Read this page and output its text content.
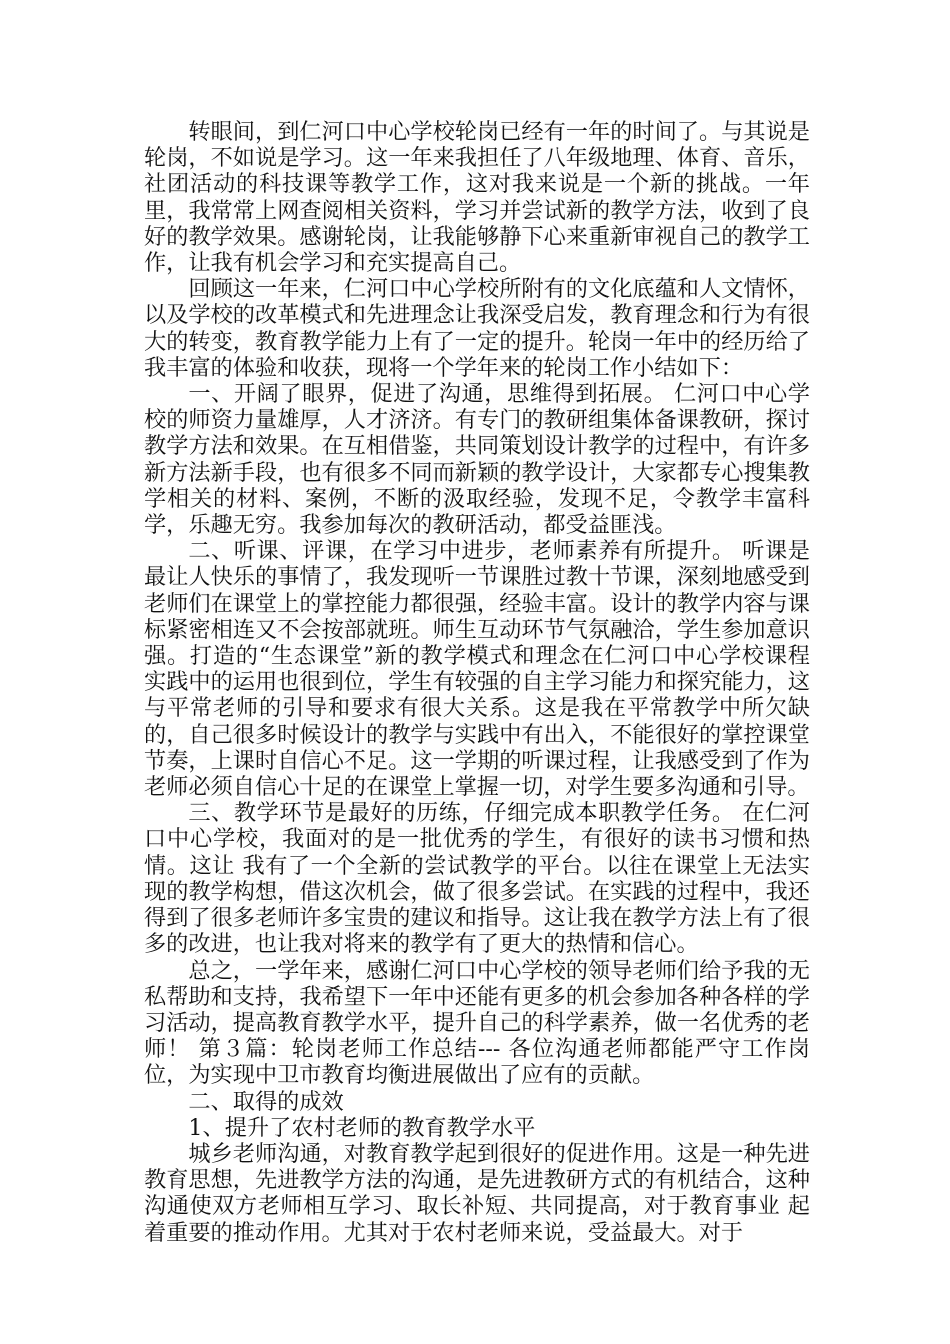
转眼间，到仁河口中心学校轮岗已经有一年的时间了。与其说是轮岗，不如说是学习。这一年来我担任了八年级地理、体育、音乐，社团活动的科技课等教学工作，这对我来说是一个新的挑战。一年里，我常常上网查阅相关资料，学习并尝试新的教学方法，收到了良好的教学效果。感谢轮岗，让我能够静下心来重新审视自己的教学工作，让我有机会学习和充实提高自己。

回顾这一年来，仁河口中心学校所附有的文化底蕴和人文情怀，以及学校的改革模式和先进理念让我深受启发，教育理念和行为有很大的转变，教育教学能力上有了一定的提升。轮岗一年中的经历给了我丰富的体验和收获，现将一个学年来的轮岗工作小结如下：

一、开阔了眼界，促进了沟通，思维得到拓展。 仁河口中心学校的师资力量雄厚，人才济济。有专门的教研组集体备课教研，探讨 教学方法和效果。在互相借鉴，共同策划设计教学的过程中，有许多新方法新手段，也有很多不同而新颖的教学设计，大家都专心搜集教学相关的材料、案例，不断的汲取经验，发现不足，令教学丰富科学，乐趣无穷。我参加每次的教研活动，都受益匪浅。

二、听课、评课，在学习中进步，老师素养有所提升。 听课是最让人快乐的事情了，我发现听一节课胜过教十节课，深刻地感受到 老师们在课堂上的掌控能力都很强，经验丰富。设计的教学内容与课标紧密相连又不会按部就班。师生互动环节气氛融洽，学生参加意识强。打造的“生态课堂”新的教学模式和理念在仁河口中心学校课程实践中的运用也很到位，学生有较强的自主学习能力和探究能力，这与平常老师的引导和要求有很大关系。这是我在平常教学中所欠缺的，自己很多时候设计的教学与实践中有出入，不能很好的掌控课堂节奏，上课时自信心不足。这一学期的听课过程，让我感受到了作为老师必须自信心十足的在课堂上掌握一切，对学生要多沟通和引导。

三、教学环节是最好的历练，仔细完成本职教学任务。 在仁河口中心学校，我面对的是一批优秀的学生，有很好的读书习惯和热情。这让 我有了一个全新的尝试教学的平台。以往在课堂上无法实现的教学构想，借这次机会，做了很多尝试。在实践的过程中，我还得到了很多老师许多宝贵的建议和指导。这让我在教学方法上有了很多的改进，也让我对将来的教学有了更大的热情和信心。

总之，一学年来，感谢仁河口中心学校的领导老师们给予我的无私帮助和支持，我希望下一年中还能有更多的机会参加各种各样的学习活动，提高教育教学水平，提升自己的科学素养，做一名优秀的老师！ 第３篇：轮岗老师工作总结--- 各位沟通老师都能严守工作岗位，为实现中卫市教育均衡进展做出了应有的贡献。

二、取得的成效

1、提升了农村老师的教育教学水平

城乡老师沟通，对教育教学起到很好的促进作用。这是一种先进教育思想，先进教学方法的沟通，是先进教研方式的有机结合，这种沟通使双方老师相互学习、取长补短、共同提高，对于教育事业 起着重要的推动作用。尤其对于农村老师来说，受益最大。对于
